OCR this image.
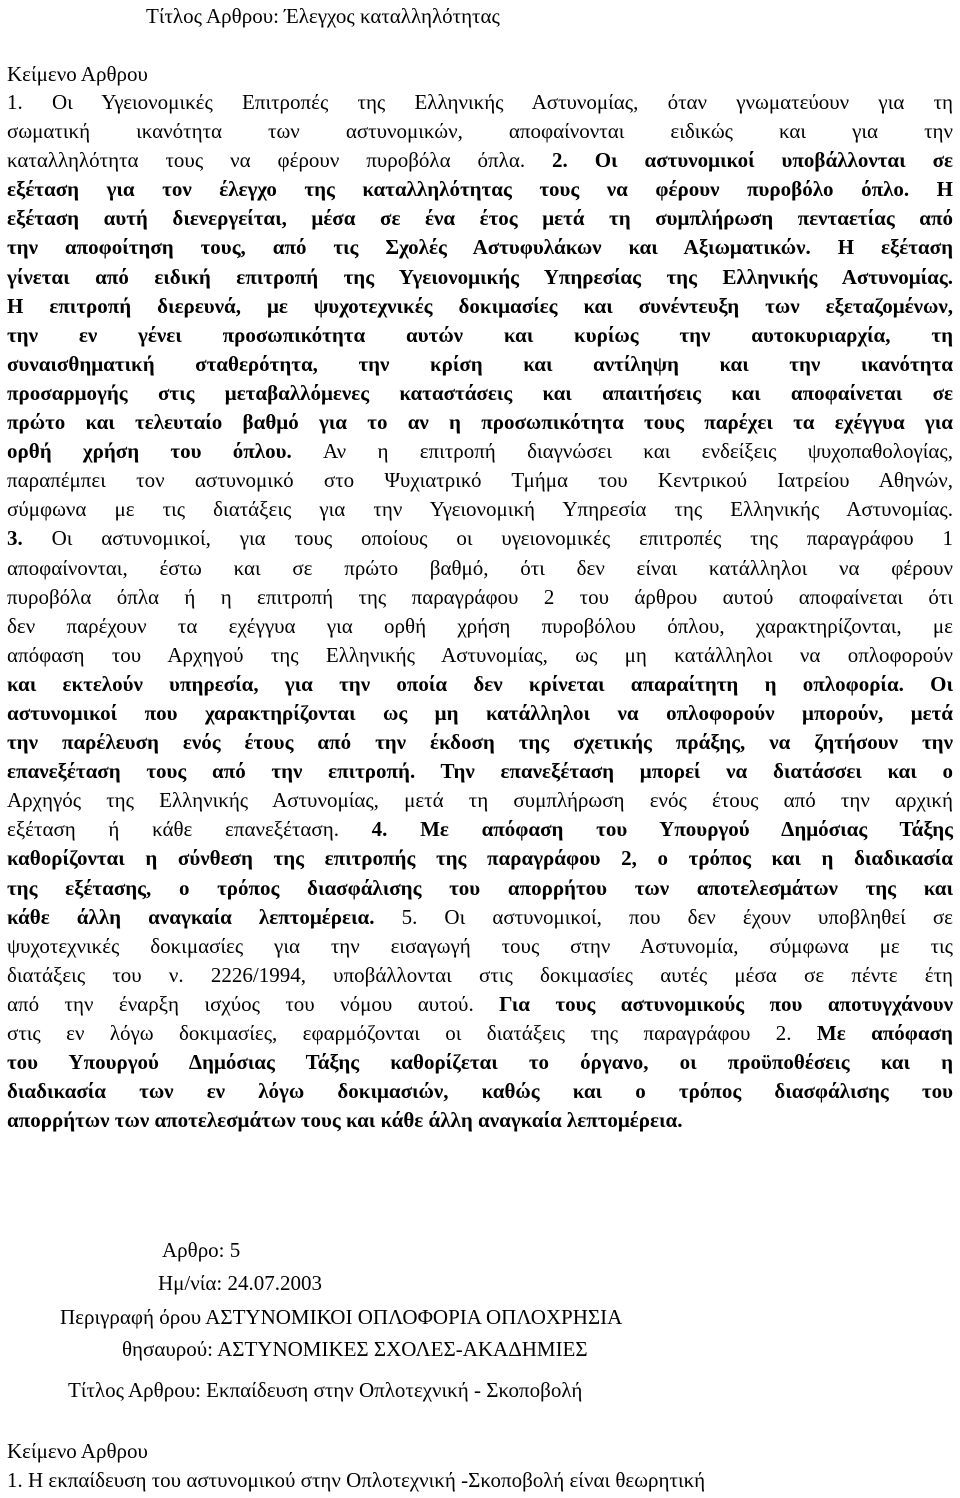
Τίτλος Αρθρου: Έλεγχος καταλληλότητας
Κείμενο Αρθρου
1. Οι Υγειονομικές Επιτροπές της Ελληνικής Αστυνομίας, όταν γνωματεύουν για τη
σωματική ικανότητα των αστυνομικών, αποφαίνονται ειδικώς και για την
καταλληλότητα τους να φέρουν πυροβόλα όπλα. 2. Οι αστυνομικοί υποβάλλονται σε
εξέταση για τον έλεγχο της καταλληλότητας τους να φέρουν πυροβόλο όπλο. Η
εξέταση αυτή διενεργείται, μέσα σε ένα έτος μετά τη συμπλήρωση πενταετίας από
την αποφοίτηση τους, από τις Σχολές Αστυφυλάκων και Αξιωματικών. Η εξέταση
γίνεται από ειδική επιτροπή της Υγειονομικής Υπηρεσίας της Ελληνικής Αστυνομίας.
Η επιτροπή διερευνά, με ψυχοτεχνικές δοκιμασίες και συνέντευξη των εξεταζομένων,
την εν γένει προσωπικότητα αυτών και κυρίως την αυτοκυριαρχία, τη
συναισθηματική σταθερότητα, την κρίση και αντίληψη και την ικανότητα
προσαρμογής στις μεταβαλλόμενες καταστάσεις και απαιτήσεις και αποφαίνεται σε
πρώτο και τελευταίο βαθμό για το αν η προσωπικότητα τους παρέχει τα εχέγγυα για
ορθή χρήση του όπλου. Αν η επιτροπή διαγνώσει και ενδείξεις ψυχοπαθολογίας,
παραπέμπει τον αστυνομικό στο Ψυχιατρικό Τμήμα του Κεντρικού Ιατρείου Αθηνών,
σύμφωνα με τις διατάξεις για την Υγειονομική Υπηρεσία της Ελληνικής Αστυνομίας.
3. Οι αστυνομικοί, για τους οποίους οι υγειονομικές επιτροπές της παραγράφου 1
αποφαίνονται, έστω και σε πρώτο βαθμό, ότι δεν είναι κατάλληλοι να φέρουν
πυροβόλα όπλα ή η επιτροπή της παραγράφου 2 του άρθρου αυτού αποφαίνεται ότι
δεν παρέχουν τα εχέγγυα για ορθή χρήση πυροβόλου όπλου, χαρακτηρίζονται, με
απόφαση του Αρχηγού της Ελληνικής Αστυνομίας, ως μη κατάλληλοι να οπλοφορούν
και εκτελούν υπηρεσία, για την οποία δεν κρίνεται απαραίτητη η οπλοφορία. Οι
αστυνομικοί που χαρακτηρίζονται ως μη κατάλληλοι να οπλοφορούν μπορούν, μετά
την παρέλευση ενός έτους από την έκδοση της σχετικής πράξης, να ζητήσουν την
επανεξέταση τους από την επιτροπή. Την επανεξέταση μπορεί να διατάσσει και ο
Αρχηγός της Ελληνικής Αστυνομίας, μετά τη συμπλήρωση ενός έτους από την αρχική
εξέταση ή κάθε επανεξέταση. 4. Με απόφαση του Υπουργού Δημόσιας Τάξης
καθορίζονται η σύνθεση της επιτροπής της παραγράφου 2, ο τρόπος και η διαδικασία
της εξέτασης, ο τρόπος διασφάλισης του απορρήτου των αποτελεσμάτων της και
κάθε άλλη αναγκαία λεπτομέρεια. 5. Οι αστυνομικοί, που δεν έχουν υποβληθεί σε
ψυχοτεχνικές δοκιμασίες για την εισαγωγή τους στην Αστυνομία, σύμφωνα με τις
διατάξεις του ν. 2226/1994, υποβάλλονται στις δοκιμασίες αυτές μέσα σε πέντε έτη
από την έναρξη ισχύος του νόμου αυτού. Για τους αστυνομικούς που αποτυγχάνουν
στις εν λόγω δοκιμασίες, εφαρμόζονται οι διατάξεις της παραγράφου 2. Με απόφαση
του Υπουργού Δημόσιας Τάξης καθορίζεται το όργανο, οι προϋποθέσεις και η
διαδικασία των εν λόγω δοκιμασιών, καθώς και ο τρόπος διασφάλισης του
απορρήτων των αποτελεσμάτων τους και κάθε άλλη αναγκαία λεπτομέρεια.
Αρθρο: 5
Ημ/νία: 24.07.2003
Περιγραφή όρου ΑΣΤΥΝΟΜΙΚΟΙ ΟΠΛΟΦΟΡΙΑ ΟΠΛΟΧΡΗΣΙΑ
θησαυρού: ΑΣΤΥΝΟΜΙΚΕΣ ΣΧΟΛΕΣ-ΑΚΑΔΗΜΙΕΣ
Τίτλος Αρθρου: Εκπαίδευση στην Οπλοτεχνική - Σκοποβολή
Κείμενο Αρθρου
1. Η εκπαίδευση του αστυνομικού στην Οπλοτεχνική -Σκοποβολή είναι θεωρητική
